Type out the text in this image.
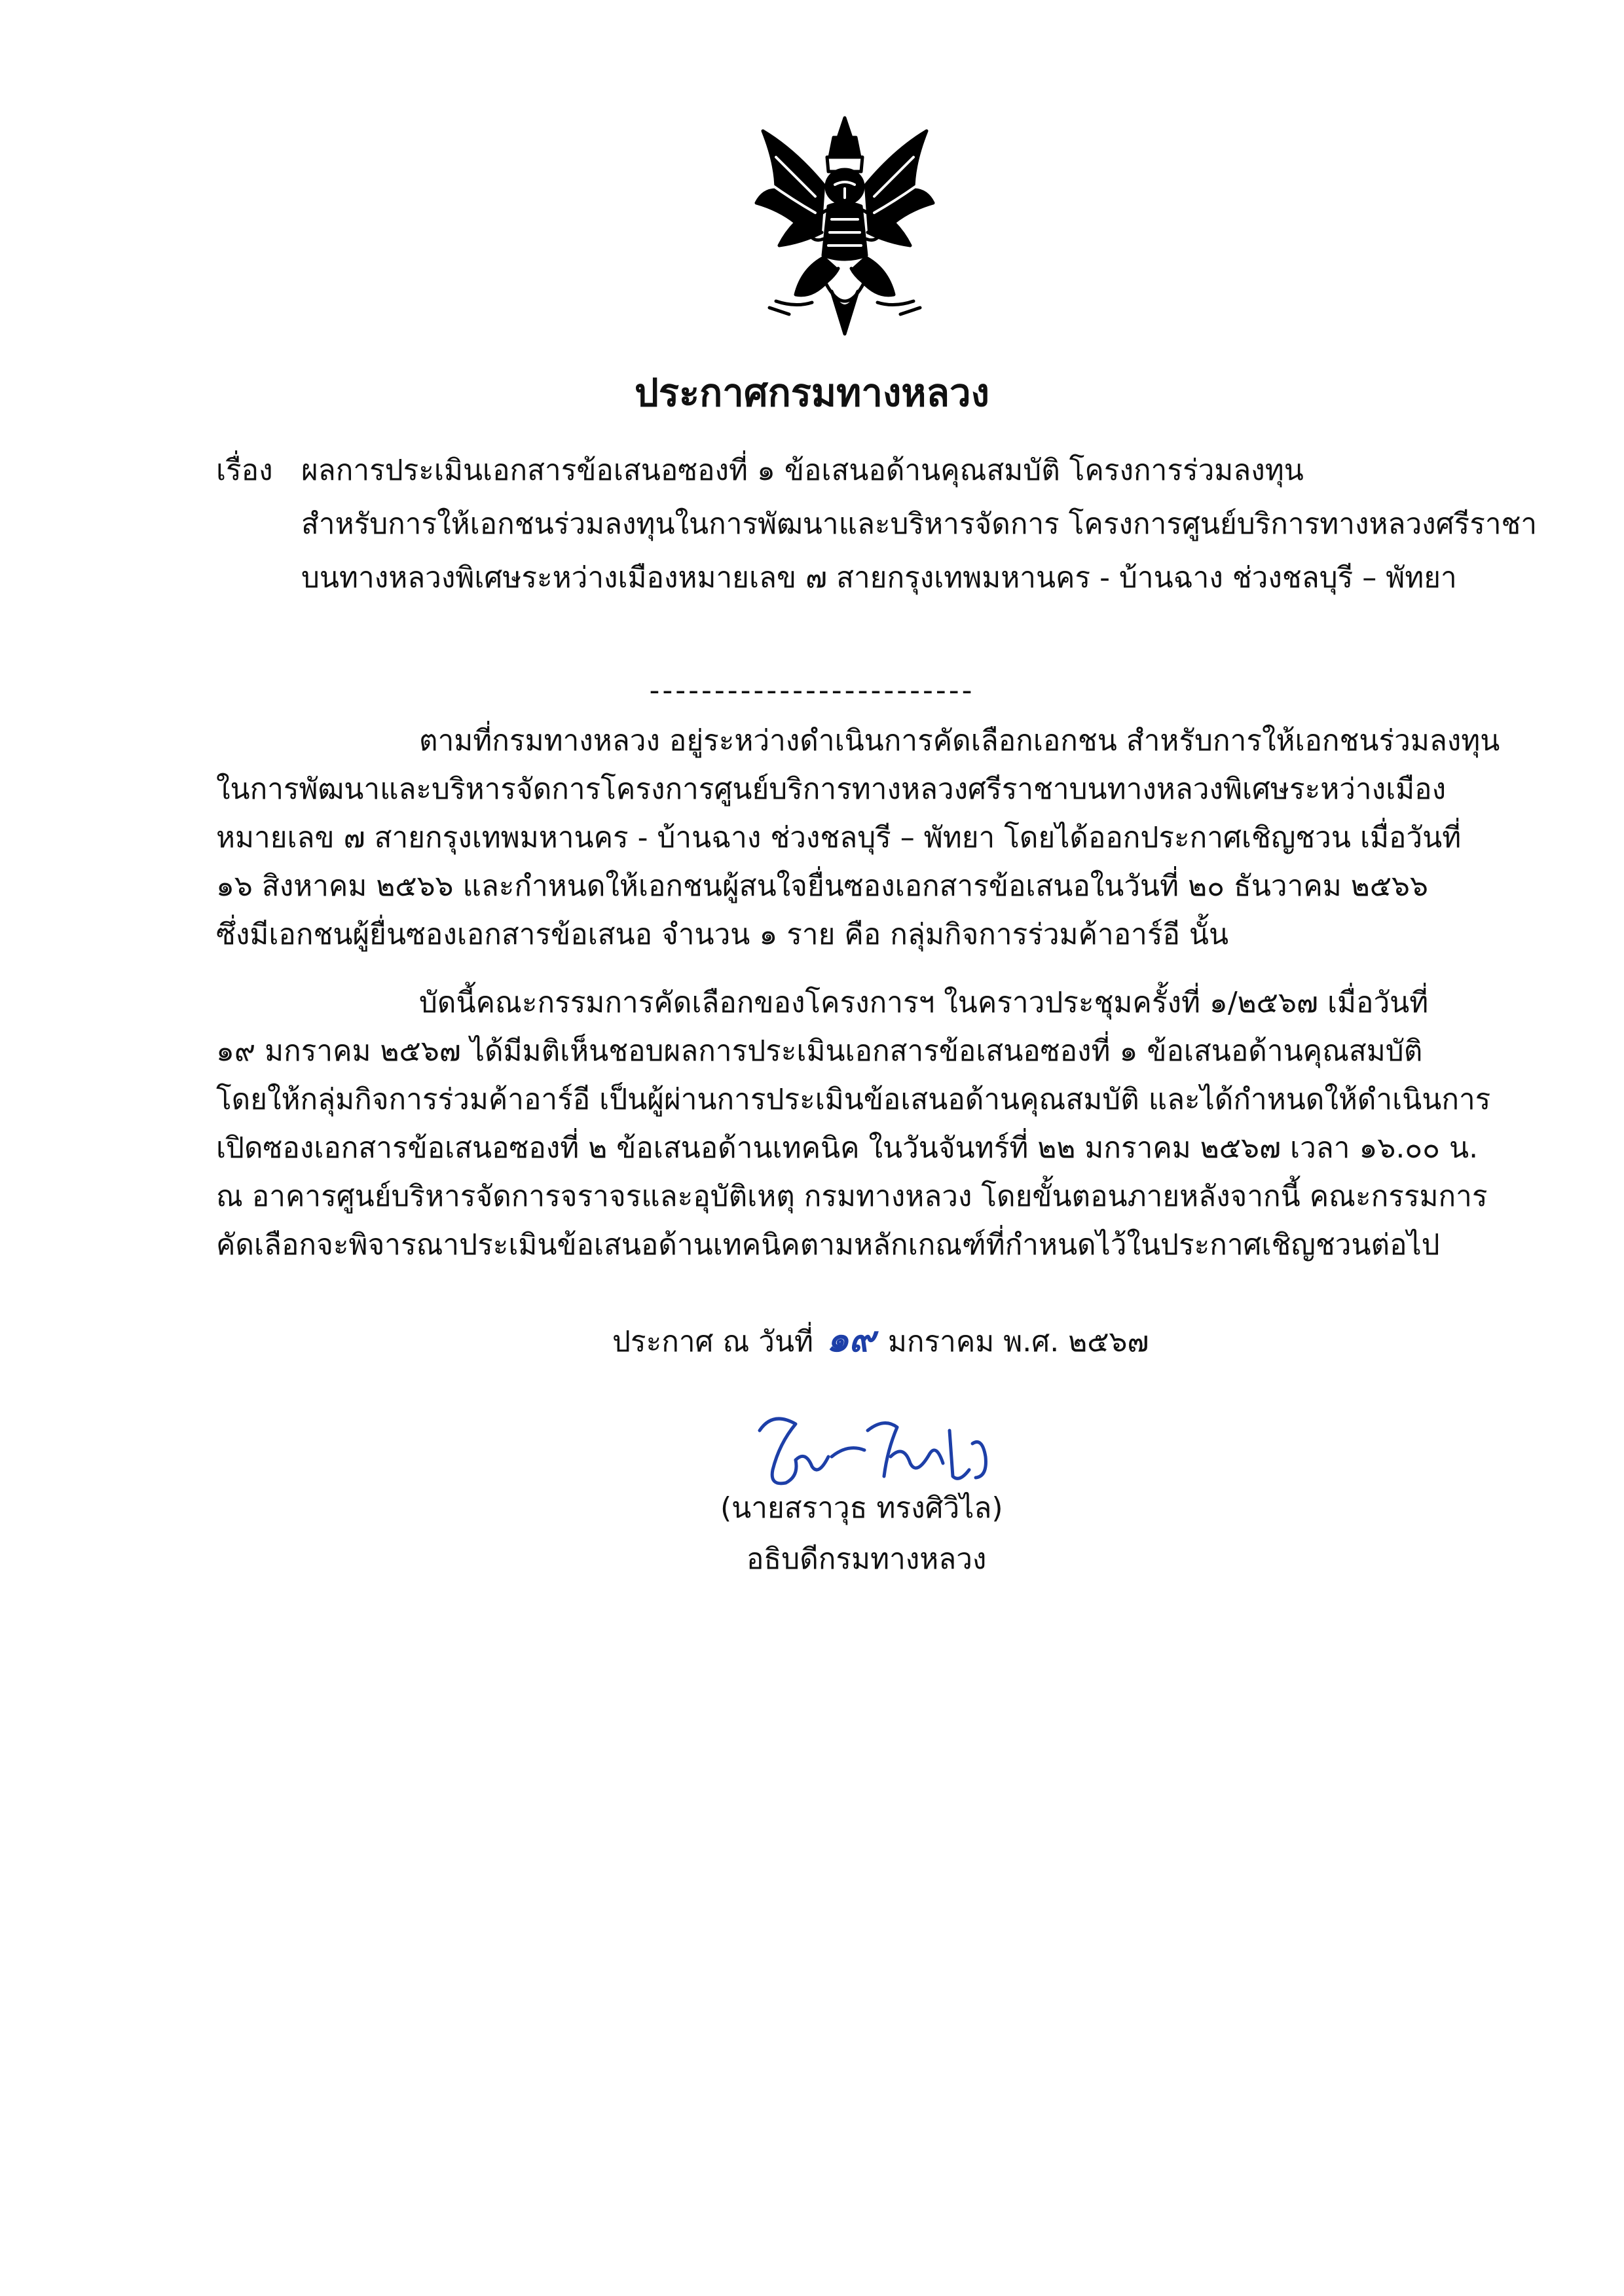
ประกาศกรมทางหลวง
เรื่อง ผลการประเมินเอกสารข้อเสนอซองที่ ๑ ข้อเสนอด้านคุณสมบัติ โครงการร่วมลงทุน
สำหรับการให้เอกชนร่วมลงทุนในการพัฒนาและบริหารจัดการ โครงการศูนย์บริการทางหลวงศรีราชา
บนทางหลวงพิเศษระหว่างเมืองหมายเลข ๗ สายกรุงเทพมหานคร - บ้านฉาง ช่วงชลบุรี – พัทยา
-------------------------
ตามที่กรมทางหลวง อยู่ระหว่างดำเนินการคัดเลือกเอกชน สำหรับการให้เอกชนร่วมลงทุน
ในการพัฒนาและบริหารจัดการโครงการศูนย์บริการทางหลวงศรีราชาบนทางหลวงพิเศษระหว่างเมือง
หมายเลข ๗ สายกรุงเทพมหานคร - บ้านฉาง ช่วงชลบุรี – พัทยา โดยได้ออกประกาศเชิญชวน เมื่อวันที่
๑๖ สิงหาคม ๒๕๖๖ และกำหนดให้เอกชนผู้สนใจยื่นซองเอกสารข้อเสนอในวันที่ ๒๐ ธันวาคม ๒๕๖๖
ซึ่งมีเอกชนผู้ยื่นซองเอกสารข้อเสนอ จำนวน ๑ ราย คือ กลุ่มกิจการร่วมค้าอาร์อี นั้น
บัดนี้คณะกรรมการคัดเลือกของโครงการฯ ในคราวประชุมครั้งที่ ๑/๒๕๖๗ เมื่อวันที่
๑๙ มกราคม ๒๕๖๗ ได้มีมติเห็นชอบผลการประเมินเอกสารข้อเสนอซองที่ ๑ ข้อเสนอด้านคุณสมบัติ
โดยให้กลุ่มกิจการร่วมค้าอาร์อี เป็นผู้ผ่านการประเมินข้อเสนอด้านคุณสมบัติ และได้กำหนดให้ดำเนินการ
เปิดซองเอกสารข้อเสนอซองที่ ๒ ข้อเสนอด้านเทคนิค ในวันจันทร์ที่ ๒๒ มกราคม ๒๕๖๗ เวลา ๑๖.๐๐ น.
ณ อาคารศูนย์บริหารจัดการจราจรและอุบัติเหตุ กรมทางหลวง โดยขั้นตอนภายหลังจากนี้ คณะกรรมการ
คัดเลือกจะพิจารณาประเมินข้อเสนอด้านเทคนิคตามหลักเกณฑ์ที่กำหนดไว้ในประกาศเชิญชวนต่อไป
ประกาศ ณ วันที่ ๑๙ มกราคม พ.ศ. ๒๕๖๗
(นายสราวุธ ทรงศิวิไล)
อธิบดีกรมทางหลวง
